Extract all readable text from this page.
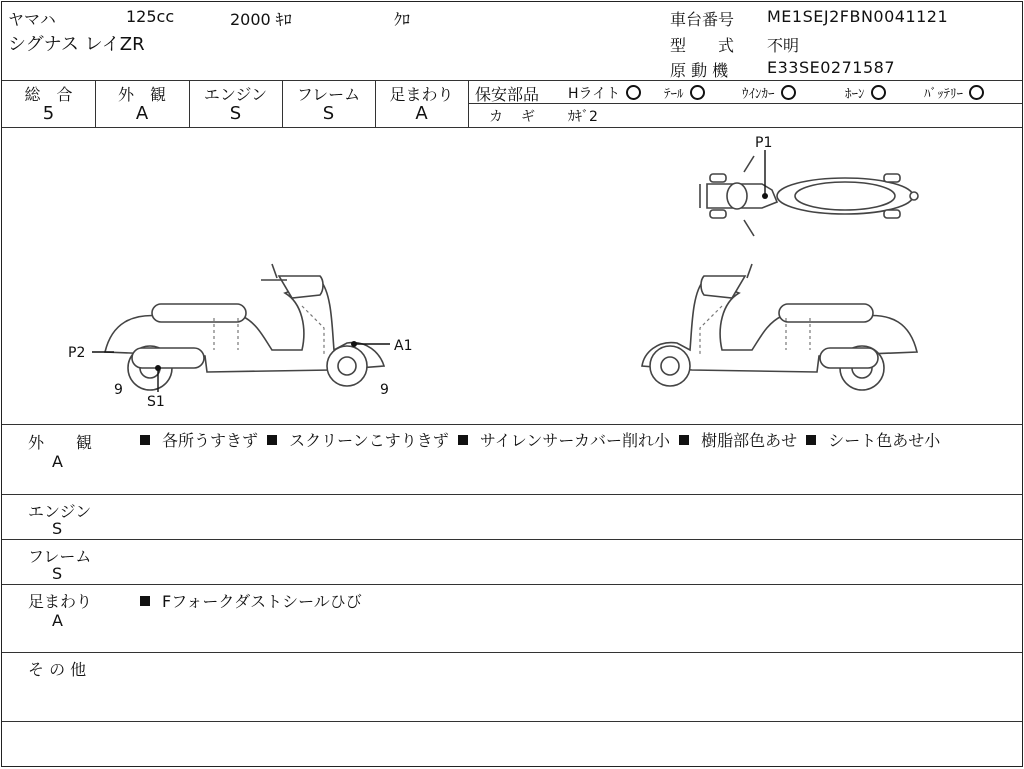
ヤマハ	125cc	2000 ｷﾛ	ｸﾛ
シグナス レイZR
車台番号 ME1SEJ2FBN0041121
型　　式 不明
原 動 機 E33SE0271587
総　合
5
外　観
A
エンジン
S
フレーム
S
足まわり
A
保安部品 Hライト	ﾃｰﾙ	ｳｲﾝｶｰ	ﾎｰﾝ	ﾊﾞｯﾃﾘｰ
カ　ギ ｶｷﾞ2
P1
P2	A1
S1
9	9
外　　観
A
各所うすきず スクリーンこすりきず サイレンサーカバー削れ小 樹脂部色あせ シート色あせ小
エンジン
S
フレーム
S
足まわり
A
Fフォークダストシールひび
そ の 他
